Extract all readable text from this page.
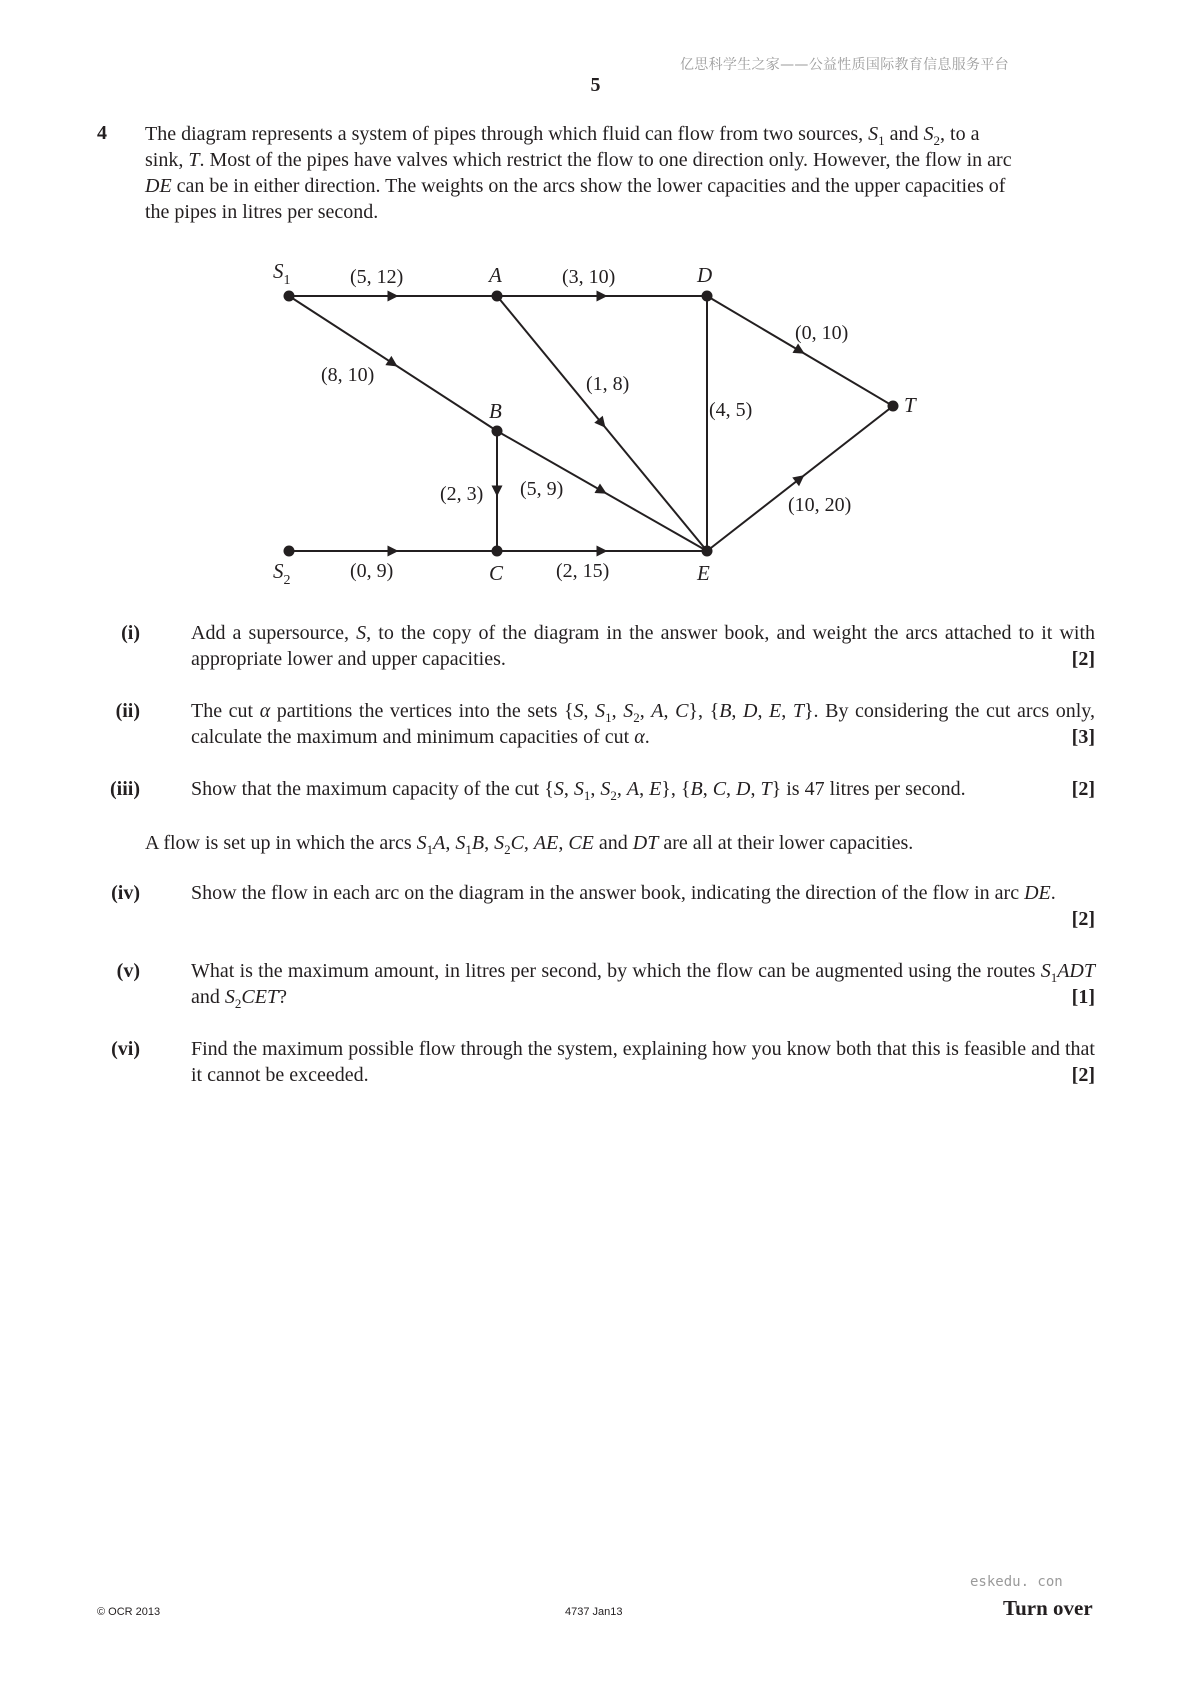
亿思科学生之家——公益性质国际教育信息服务平台
5
4 The diagram represents a system of pipes through which fluid can flow from two sources, $S_1$ and $S_2$, to a
sink, T. Most of the pipes have valves which restrict the flow to one direction only. However, the flow in arc
DE can be in either direction. The weights on the arcs show the lower capacities and the upper capacities of
the pipes in litres per second.
$S_1$	A	D
T
B
$S_2$	C	E
(5, 12)	(3, 10)
(0, 10)
(8, 10)	(1, 8)
(4, 5)
(10, 20)
(2, 3) (5, 9)
(0, 9)	(2, 15)
(i)
[2]
Add a supersource, S, to the copy of the diagram in the answer book, and weight the arcs attached to it with appropriate lower and upper capacities.
(ii)
[3]
The cut α partitions the vertices into the sets {S, $S_1$, $S_2$, A, C}, {B, D, E, T}. By considering the cut arcs only, calculate the maximum and minimum capacities of cut α.
(iii)	[2]
Show that the maximum capacity of the cut {S, $S_1$, $S_2$, A, E}, {B, C, D, T} is 47 litres per second.
A flow is set up in which the arcs $S_1A$, $S_1B$, $S_2C$, AE, CE and DT are all at their lower capacities.
(iv)
[2]
Show the flow in each arc on the diagram in the answer book, indicating the direction of the flow in arc DE.
(v)
[1]
What is the maximum amount, in litres per second, by which the flow can be augmented using the routes $S_1ADT$ and $S_2CET$?
(vi)
[2]
Find the maximum possible flow through the system, explaining how you know both that this is feasible and that it cannot be exceeded.
© OCR 2013	4737 Jan13
eskedu. con
Turn over
